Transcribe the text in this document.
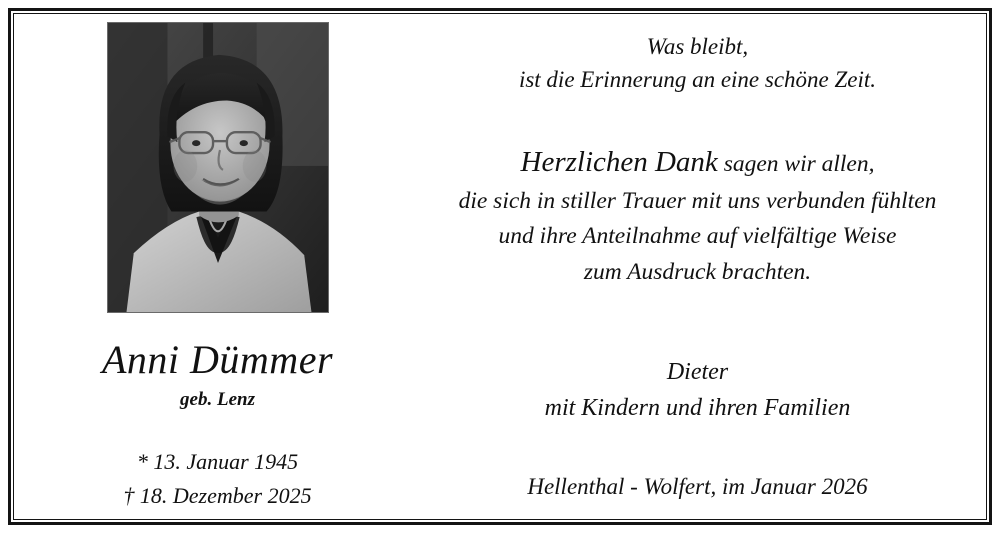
Anni Dümmer
geb. Lenz
* 13. Januar 1945
† 18. Dezember 2025
Was bleibt,
ist die Erinnerung an eine schöne Zeit.
Herzlichen Dank sagen wir allen,
die sich in stiller Trauer mit uns verbunden fühlten
und ihre Anteilnahme auf vielfältige Weise
zum Ausdruck brachten.
Dieter
mit Kindern und ihren Familien
Hellenthal - Wolfert, im Januar 2026
